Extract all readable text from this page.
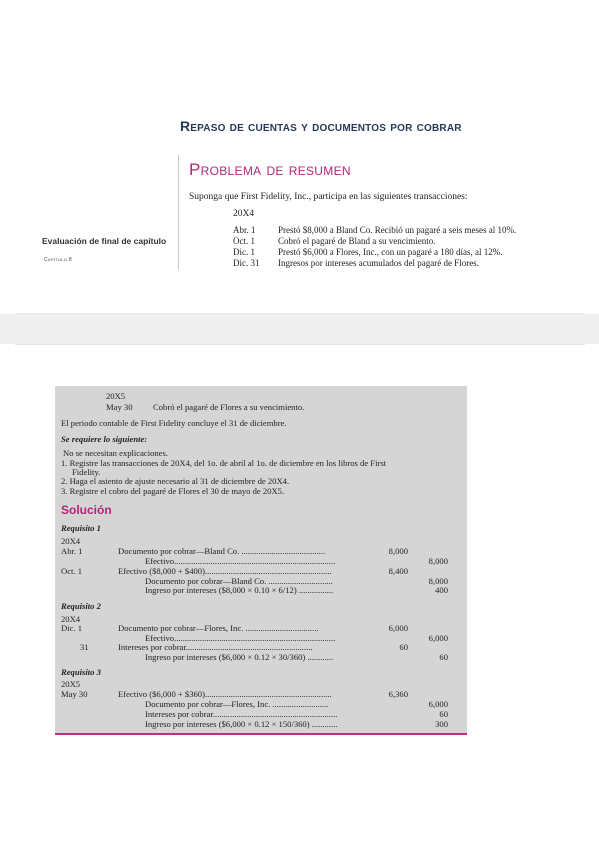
Repaso de cuentas y documentos por cobrar
Problema de resumen
Suponga que First Fidelity, Inc., participa en las siguientes transacciones:
20X4
Abr. 1	Prestó $8,000 a Bland Co. Recibió un pagaré a seis meses al 10%.
Oct. 1	Cobró el pagaré de Bland a su vencimiento.
Dic. 1	Prestó $6,000 a Flores, Inc., con un pagaré a 180 días, al 12%.
Dic. 31 Ingresos por intereses acumulados del pagaré de Flores.
Evaluación de final de capítulo
Capítulo 8
20X5
May 30 Cobró el pagaré de Flores a su vencimiento.
El periodo contable de First Fidelity concluye el 31 de diciembre.
Se requiere lo siguiente:
No se necesitan explicaciones.
1. Registre las transacciones de 20X4, del 1o. de abril al 1o. de diciembre en los libros de First
Fidelity.
2. Haga el asiento de ajuste necesario al 31 de diciembre de 20X4.
3. Registre el cobro del pagaré de Flores el 30 de mayo de 20X5.
Solución
Requisito 1
20X4
Abr. 1	Documento por cobrar—Bland Co. .......................................	8,000
Efectivo...........................................................................	8,000
Oct. 1	Efectivo ($8,000 + $400)...........................................................	8,400
Documento por cobrar—Bland Co. ..............................	8,000
Ingreso por intereses ($8,000 × 0.10 × 6/12) ................	400
Requisito 2
20X4
Dic. 1	Documento por cobrar—Flores, Inc. ..................................	6,000
Efectivo...........................................................................	6,000
31	Intereses por cobrar...........................................................	60
Ingreso por intereses ($6,000 × 0.12 × 30/360) ............	60
Requisito 3
20X5
May 30	Efectivo ($6,000 + $360)...........................................................	6,360
Documento por cobrar—Flores, Inc. ..........................	6,000
Intereses por cobrar..........................................................	60
Ingreso por intereses ($6,000 × 0.12 × 150/360) ............	300
